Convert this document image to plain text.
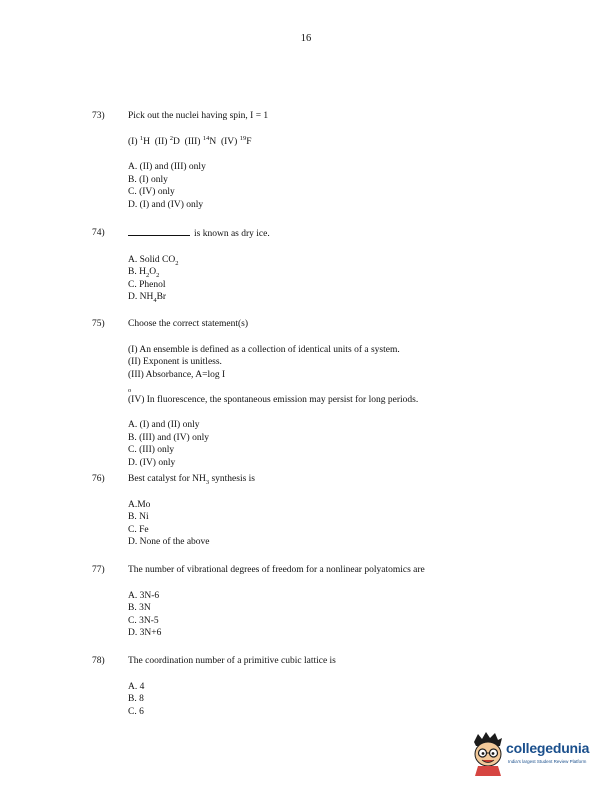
16
73)	Pick out the nuclei having spin, I = 1

(I) $^1$H (II) $^2$D (III) $^{14}$N (IV) $^{19}$F
A. (II) and (III) only
B. (I) only
C. (IV) only
D. (I) and (IV) only
74)	is known as dry ice.

A. Solid $CO_2$
B. $H_2O_2$
C. Phenol
D. $NH_4Br$
75)	Choose the correct statement(s)

(I) An ensemble is defined as a collection of identical units of a system.
(II) Exponent is unitless.
(III) Absorbance, A=log I
$_o$
(IV) In fluorescence, the spontaneous emission may persist for long periods.
A. (I) and (II) only
B. (III) and (IV) only
C. (III) only
D. (IV) only
76)	Best catalyst for $NH_3$ synthesis is

A.Mo
B. Ni
C. Fe
D. None of the above
77)	The number of vibrational degrees of freedom for a nonlinear polyatomics are

A. 3N-6
B. 3N
C. 3N-5
D. 3N+6
78)	The coordination number of a primitive cubic lattice is

A. 4
B. 8
C. 6
collegedunia
India's largest Student Review Platform
